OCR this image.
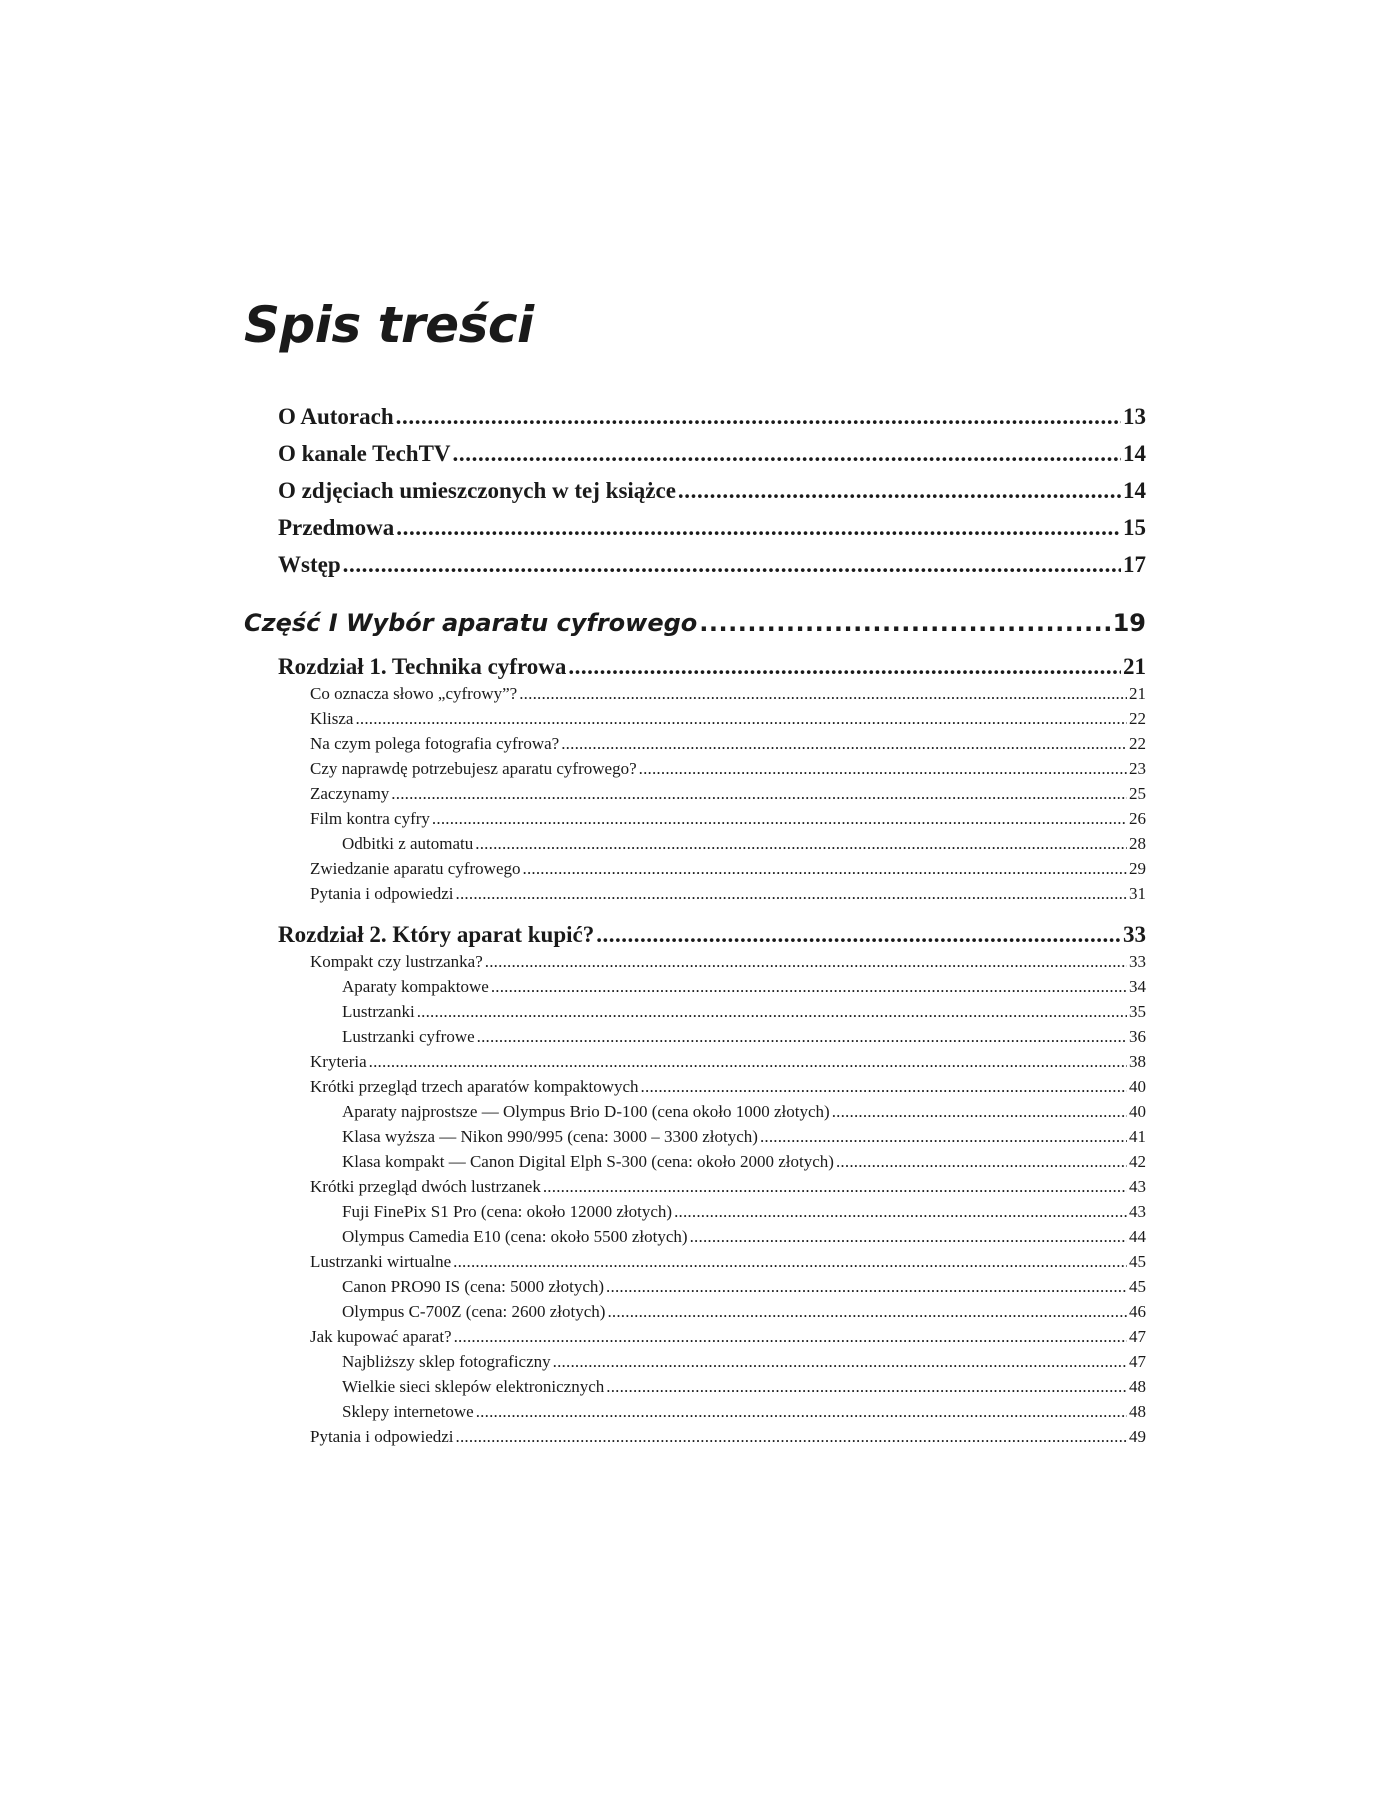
Spis treści
O Autorach .....	13
O kanale TechTV .....	14
O zdjęciach umieszczonych w tej książce .....	14
Przedmowa .....	15
Wstęp .....	17
Część I Wybór aparatu cyfrowego .....	19
Rozdział 1. Technika cyfrowa .....	21
Co oznacza słowo „cyfrowy”? .....	21
Klisza .....	22
Na czym polega fotografia cyfrowa? .....	22
Czy naprawdę potrzebujesz aparatu cyfrowego? .....	23
Zaczynamy .....	25
Film kontra cyfry .....	26
Odbitki z automatu .....	28
Zwiedzanie aparatu cyfrowego .....	29
Pytania i odpowiedzi .....	31
Rozdział 2. Który aparat kupić? .....	33
Kompakt czy lustrzanka? .....	33
Aparaty kompaktowe .....	34
Lustrzanki .....	35
Lustrzanki cyfrowe .....	36
Kryteria .....	38
Krótki przegląd trzech aparatów kompaktowych .....	40
Aparaty najprostsze — Olympus Brio D-100 (cena około 1000 złotych) .....	40
Klasa wyższa — Nikon 990/995 (cena: 3000 – 3300 złotych) .....	41
Klasa kompakt — Canon Digital Elph S-300 (cena: około 2000 złotych) .....	42
Krótki przegląd dwóch lustrzanek .....	43
Fuji FinePix S1 Pro (cena: około 12000 złotych) .....	43
Olympus Camedia E10 (cena: około 5500 złotych) .....	44
Lustrzanki wirtualne .....	45
Canon PRO90 IS (cena: 5000 złotych) .....	45
Olympus C-700Z (cena: 2600 złotych) .....	46
Jak kupować aparat? .....	47
Najbliższy sklep fotograficzny .....	47
Wielkie sieci sklepów elektronicznych .....	48
Sklepy internetowe .....	48
Pytania i odpowiedzi .....	49
